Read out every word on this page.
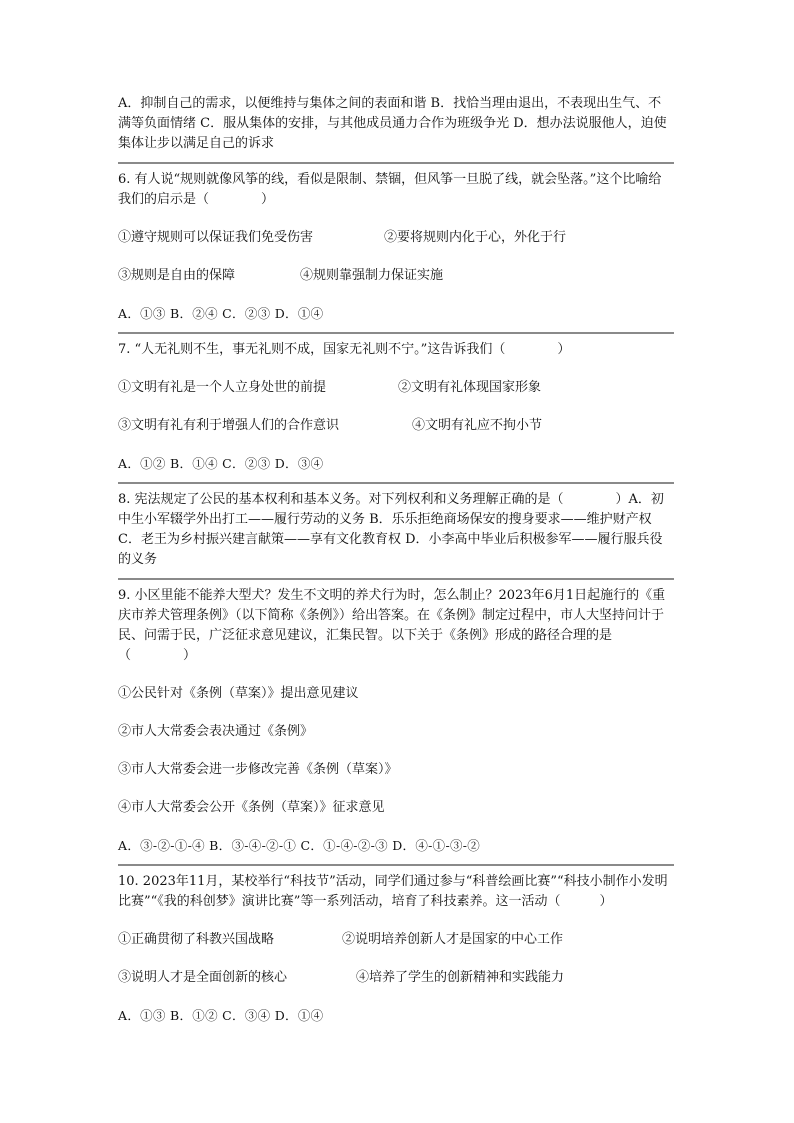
A．抑制自己的需求，以便维持与集体之间的表面和谐 B．找恰当理由退出，不表现出生气、不满等负面情绪 C．服从集体的安排，与其他成员通力合作为班级争光 D．想办法说服他人，迫使集体让步以满足自己的诉求

6. 有人说“规则就像风筝的线，看似是限制、禁锢，但风筝一旦脱了线，就会坠落。”这个比喻给我们的启示是（　　　　）

①遵守规则可以保证我们免受伤害	②要将规则内化于心，外化于行
③规则是自由的保障	④规则靠强制力保证实施
A．①③ B．②④ C．②③ D．①④

7. “人无礼则不生，事无礼则不成，国家无礼则不宁。”这告诉我们（　　　　）

①文明有礼是一个人立身处世的前提	②文明有礼体现国家形象
③文明有礼有利于增强人们的合作意识	④文明有礼应不拘小节
A．①② B．①④ C．②③ D．③④

8. 宪法规定了公民的基本权利和基本义务。对下列权利和义务理解正确的是（　　　　）A．初中生小军辍学外出打工——履行劳动的义务 B．乐乐拒绝商场保安的搜身要求——维护财产权 C．老王为乡村振兴建言献策——享有文化教育权 D．小李高中毕业后积极参军——履行服兵役的义务

9. 小区里能不能养大型犬？发生不文明的养犬行为时，怎么制止？2023年6月1日起施行的《重庆市养犬管理条例》（以下简称《条例》）给出答案。在《条例》制定过程中，市人大坚持问计于民、问需于民，广泛征求意见建议，汇集民智。以下关于《条例》形成的路径合理的是（　　　　）

①公民针对《条例（草案）》提出意见建议
②市人大常委会表决通过《条例》
③市人大常委会进一步修改完善《条例（草案）》
④市人大常委会公开《条例（草案）》征求意见
A．③-②-①-④ B．③-④-②-① C．①-④-②-③ D．④-①-③-②

10. 2023年11月，某校举行“科技节”活动，同学们通过参与“科普绘画比赛”“科技小制作小发明比赛”“《我的科创梦》演讲比赛”等一系列活动，培育了科技素养。这一活动（　　　）

①正确贯彻了科教兴国战略	②说明培养创新人才是国家的中心工作
③说明人才是全面创新的核心	④培养了学生的创新精神和实践能力
A．①③ B．①② C．③④ D．①④
